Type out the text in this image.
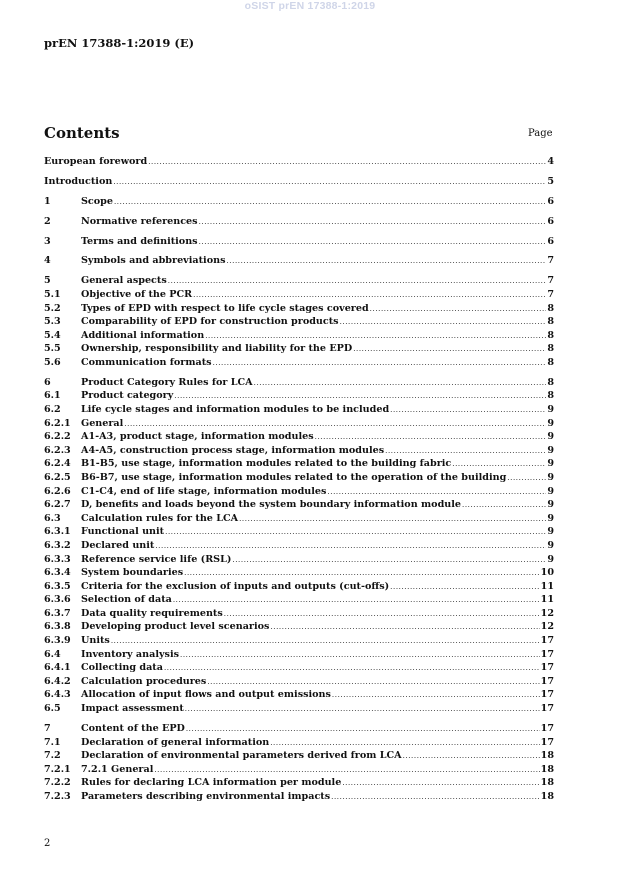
oSIST prEN 17388-1:2019
prEN 17388-1:2019 (E)
Contents	Page
European foreword .....	4
Introduction .....	5
1	Scope .....	6
2	Normative references .....	6
3	Terms and definitions .....	6
4	Symbols and abbreviations .....	7
5	General aspects .....	7
5.1	Objective of the PCR .....	7
5.2	Types of EPD with respect to life cycle stages covered .....	8
5.3	Comparability of EPD for construction products .....	8
5.4	Additional information .....	8
5.5	Ownership, responsibility and liability for the EPD .....	8
5.6	Communication formats .....	8
6	Product Category Rules for LCA .....	8
6.1	Product category .....	8
6.2	Life cycle stages and information modules to be included .....	9
6.2.1	General .....	9
6.2.2	A1-A3, product stage, information modules .....	9
6.2.3	A4-A5, construction process stage, information modules .....	9
6.2.4	B1-B5, use stage, information modules related to the building fabric .....	9
6.2.5	B6-B7, use stage, information modules related to the operation of the building .....	9
6.2.6	C1-C4, end of life stage, information modules .....	9
6.2.7	D, benefits and loads beyond the system boundary information module .....	9
6.3	Calculation rules for the LCA .....	9
6.3.1	Functional unit .....	9
6.3.2	Declared unit .....	9
6.3.3	Reference service life (RSL) .....	9
6.3.4	System boundaries .....	10
6.3.5	Criteria for the exclusion of inputs and outputs (cut-offs) .....	11
6.3.6	Selection of data .....	11
6.3.7	Data quality requirements .....	12
6.3.8	Developing product level scenarios .....	12
6.3.9	Units .....	17
6.4	Inventory analysis .....	17
6.4.1	Collecting data .....	17
6.4.2	Calculation procedures .....	17
6.4.3	Allocation of input flows and output emissions .....	17
6.5	Impact assessment .....	17
7	Content of the EPD .....	17
7.1	Declaration of general information .....	17
7.2	Declaration of environmental parameters derived from LCA .....	18
7.2.1	7.2.1 General .....	18
7.2.2	Rules for declaring LCA information per module .....	18
7.2.3	Parameters describing environmental impacts .....	18
2
